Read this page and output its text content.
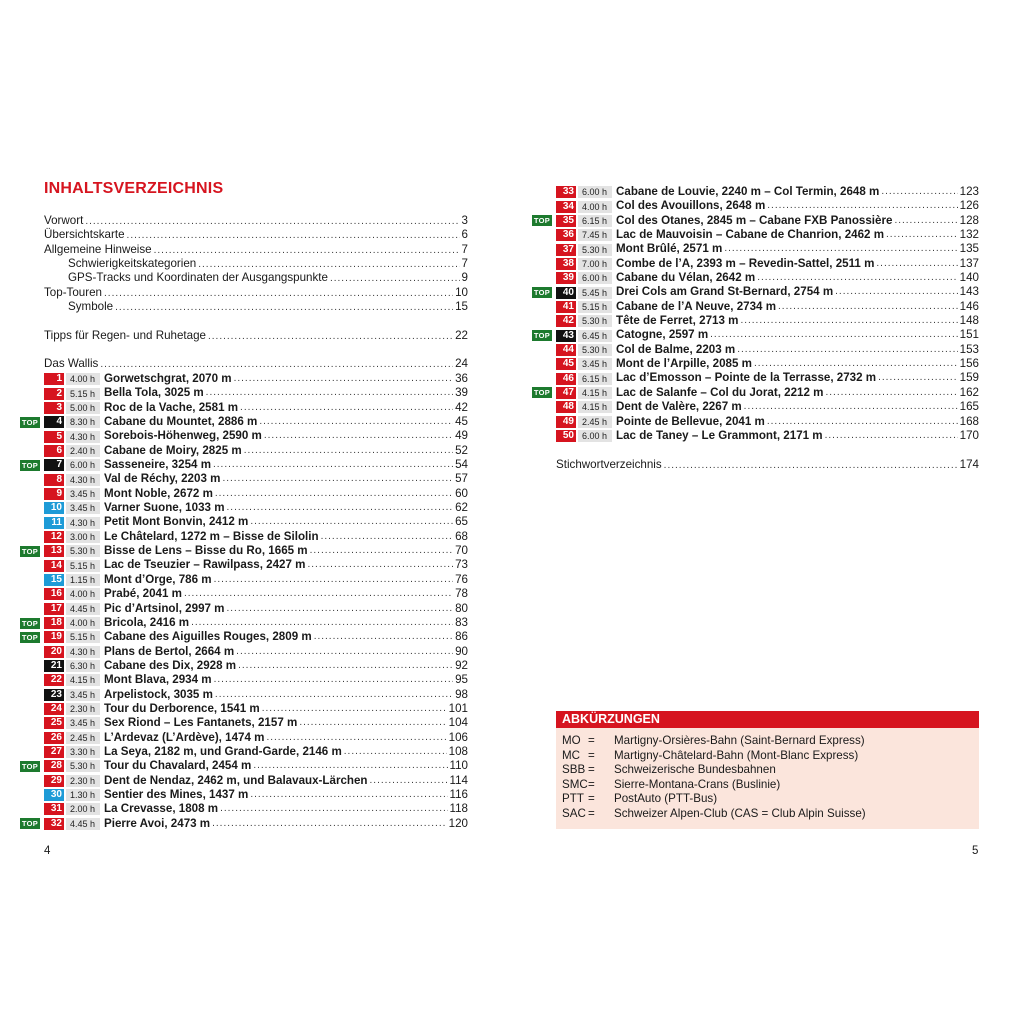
INHALTSVERZEICHNIS
Vorwort .....	3
Übersichtskarte .....	6
Allgemeine Hinweise .....	7
Schwierigkeitskategorien .....	7
GPS-Tracks und Koordinaten der Ausgangspunkte .....	9
Top-Touren .....	10
Symbole .....	15
Tipps für Regen- und Ruhetage .....	22
Das Wallis .....	24
1 4.00 h Gorwetschgrat, 2070 m .....	36
2 5.15 h Bella Tola, 3025 m .....	39
3 5.00 h Roc de la Vache, 2581 m .....	42
TOP	4 8.30 h Cabane du Mountet, 2886 m .....	45
5 4.30 h Sorebois-Höhenweg, 2590 m .....	49
6 2.40 h Cabane de Moiry, 2825 m .....	52
TOP	7 6.00 h Sasseneire, 3254 m .....	54
8 4.30 h Val de Réchy, 2203 m .....	57
9 3.45 h Mont Noble, 2672 m .....	60
10 3.45 h Varner Suone, 1033 m .....	62
11 4.30 h Petit Mont Bonvin, 2412 m .....	65
12 3.00 h Le Châtelard, 1272 m – Bisse de Silolin .....	68
TOP	13 5.30 h Bisse de Lens – Bisse du Ro, 1665 m .....	70
14 5.15 h Lac de Tseuzier – Rawilpass, 2427 m .....	73
15 1.15 h Mont d’Orge, 786 m .....	76
16 4.00 h Prabé, 2041 m .....	78
17 4.45 h Pic d’Artsinol, 2997 m .....	80
TOP	18 4.00 h Bricola, 2416 m .....	83
TOP	19 5.15 h Cabane des Aiguilles Rouges, 2809 m .....	86
20 4.30 h Plans de Bertol, 2664 m .....	90
21 6.30 h Cabane des Dix, 2928 m .....	92
22 4.15 h Mont Blava, 2934 m .....	95
23 3.45 h Arpelistock, 3035 m .....	98
24 2.30 h Tour du Derborence, 1541 m .....	101
25 3.45 h Sex Riond – Les Fantanets, 2157 m .....	104
26 2.45 h L’Ardevaz (L’Ardève), 1474 m .....	106
27 3.30 h La Seya, 2182 m, und Grand-Garde, 2146 m .....	108
TOP	28 5.30 h Tour du Chavalard, 2454 m .....	110
29 2.30 h Dent de Nendaz, 2462 m, und Balavaux-Lärchen .....	114
30 1.30 h Sentier des Mines, 1437 m .....	116
31 2.00 h La Crevasse, 1808 m .....	118
TOP	32 4.45 h Pierre Avoi, 2473 m .....	120
33 6.00 h Cabane de Louvie, 2240 m – Col Termin, 2648 m .....	123
34 4.00 h Col des Avouillons, 2648 m .....	126
TOP	35 6.15 h Col des Otanes, 2845 m – Cabane FXB Panossière .....	128
36 7.45 h Lac de Mauvoisin – Cabane de Chanrion, 2462 m .....	132
37 5.30 h Mont Brûlé, 2571 m .....	135
38 7.00 h Combe de l’A, 2393 m – Revedin-Sattel, 2511 m .....	137
39 6.00 h Cabane du Vélan, 2642 m .....	140
TOP	40 5.45 h Drei Cols am Grand St-Bernard, 2754 m .....	143
41 5.15 h Cabane de l’A Neuve, 2734 m .....	146
42 5.30 h Tête de Ferret, 2713 m .....	148
TOP	43 6.45 h Catogne, 2597 m .....	151
44 5.30 h Col de Balme, 2203 m .....	153
45 3.45 h Mont de l’Arpille, 2085 m .....	156
46 6.15 h Lac d’Emosson – Pointe de la Terrasse, 2732 m .....	159
TOP	47 4.15 h Lac de Salanfe – Col du Jorat, 2212 m .....	162
48 4.15 h Dent de Valère, 2267 m .....	165
49 2.45 h Pointe de Bellevue, 2041 m .....	168
50 6.00 h Lac de Taney – Le Grammont, 2171 m .....	170
Stichwortverzeichnis .....	174
ABKÜRZUNGEN
MO = Martigny-Orsières-Bahn (Saint-Bernard Express)
MC = Martigny-Châtelard-Bahn (Mont-Blanc Express)
SBB = Schweizerische Bundesbahnen
SMC= Sierre-Montana-Crans (Buslinie)
PTT = PostAuto (PTT-Bus)
SAC = Schweizer Alpen-Club (CAS = Club Alpin Suisse)
4	5
